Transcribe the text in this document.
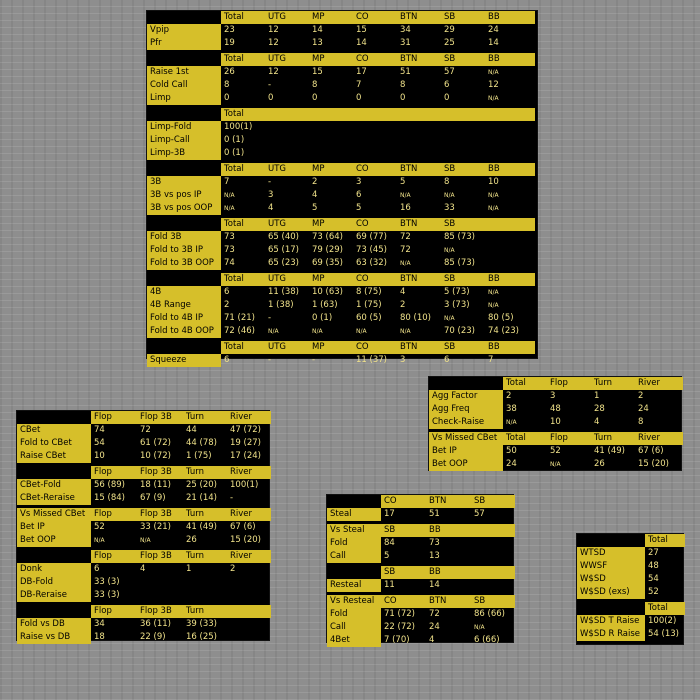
Total	UTG	MP	CO	BTN	SB	BB
Vpip	23	12	14	15	34	29	24
Pfr	19	12	13	14	31	25	14
Total	UTG	MP	CO	BTN	SB	BB
Raise 1st	26	12	15	17	51	57	N/A
Cold Call	8	-	8	7	8	6	12
Limp	0	0	0	0	0	0	N/A
Total
Limp-Fold	100(1)
Limp-Call	0 (1)
Limp-3B	0 (1)
Total	UTG	MP	CO	BTN	SB	BB
3B	7	-	2	3	5	8	10
3B vs pos IP	N/A	3	4	6	N/A	N/A	N/A
3B vs pos OOP	N/A	4	5	5	16	33	N/A
Total	UTG	MP	CO	BTN	SB
Fold 3B	73	65 (40)	73 (64)	69 (77)	72	85 (73)
Fold to 3B IP	73	65 (17)	79 (29)	73 (45)	72	N/A
Fold to 3B OOP	74	65 (23)	69 (35)	63 (32)	N/A	85 (73)
Total	UTG	MP	CO	BTN	SB	BB
4B	6	11 (38)	10 (63)	8 (75)	4	5 (73)	N/A
4B Range	2	1 (38)	1 (63)	1 (75)	2	3 (73)	N/A
Fold to 4B IP	71 (21)	-	0 (1)	60 (5)	80 (10)	N/A	80 (5)
Fold to 4B OOP	72 (46)	N/A	N/A	N/A	N/A	70 (23)	74 (23)
Total	UTG	MP	CO	BTN	SB	BB
Squeeze	6	-	-	11 (37)	3	6	7
Flop	Flop 3B	Turn	River
CBet	74	72	44	47 (72)
Fold to CBet	54	61 (72)	44 (78)	19 (27)
Raise CBet	10	10 (72)	1 (75)	17 (24)
Flop	Flop 3B	Turn	River
CBet-Fold	56 (89)	18 (11)	25 (20)	100(1)
CBet-Reraise	15 (84)	67 (9)	21 (14)	-
Vs Missed CBet	Flop	Flop 3B	Turn	River
Bet IP	52	33 (21)	41 (49)	67 (6)
Bet OOP	N/A	N/A	26	15 (20)
Flop	Flop 3B	Turn	River
Donk	6	4	1	2
DB-Fold	33 (3)
DB-Reraise	33 (3)
Flop	Flop 3B	Turn
Fold vs DB	34	36 (11)	39 (33)
Raise vs DB	18	22 (9)	16 (25)
Total	Flop	Turn	River
Agg Factor	2	3	1	2
Agg Freq	38	48	28	24
Check-Raise	N/A	10	4	8
Vs Missed CBet	Total	Flop	Turn	River
Bet IP	50	52	41 (49)	67 (6)
Bet OOP	24	N/A	26	15 (20)
CO	BTN	SB
Steal	17	51	57
Vs Steal	SB	BB
Fold	84	73
Call	5	13
SB	BB
Resteal	11	14
Vs Resteal	CO	BTN	SB
Fold	71 (72)	72	86 (66)
Call	22 (72)	24	N/A
4Bet	7 (70)	4	6 (66)
Total
WTSD	27
WWSF	48
W$SD	54
W$SD (exs)	52
Total
W$SD T Raise	100(2)
W$SD R Raise 54 (13)
